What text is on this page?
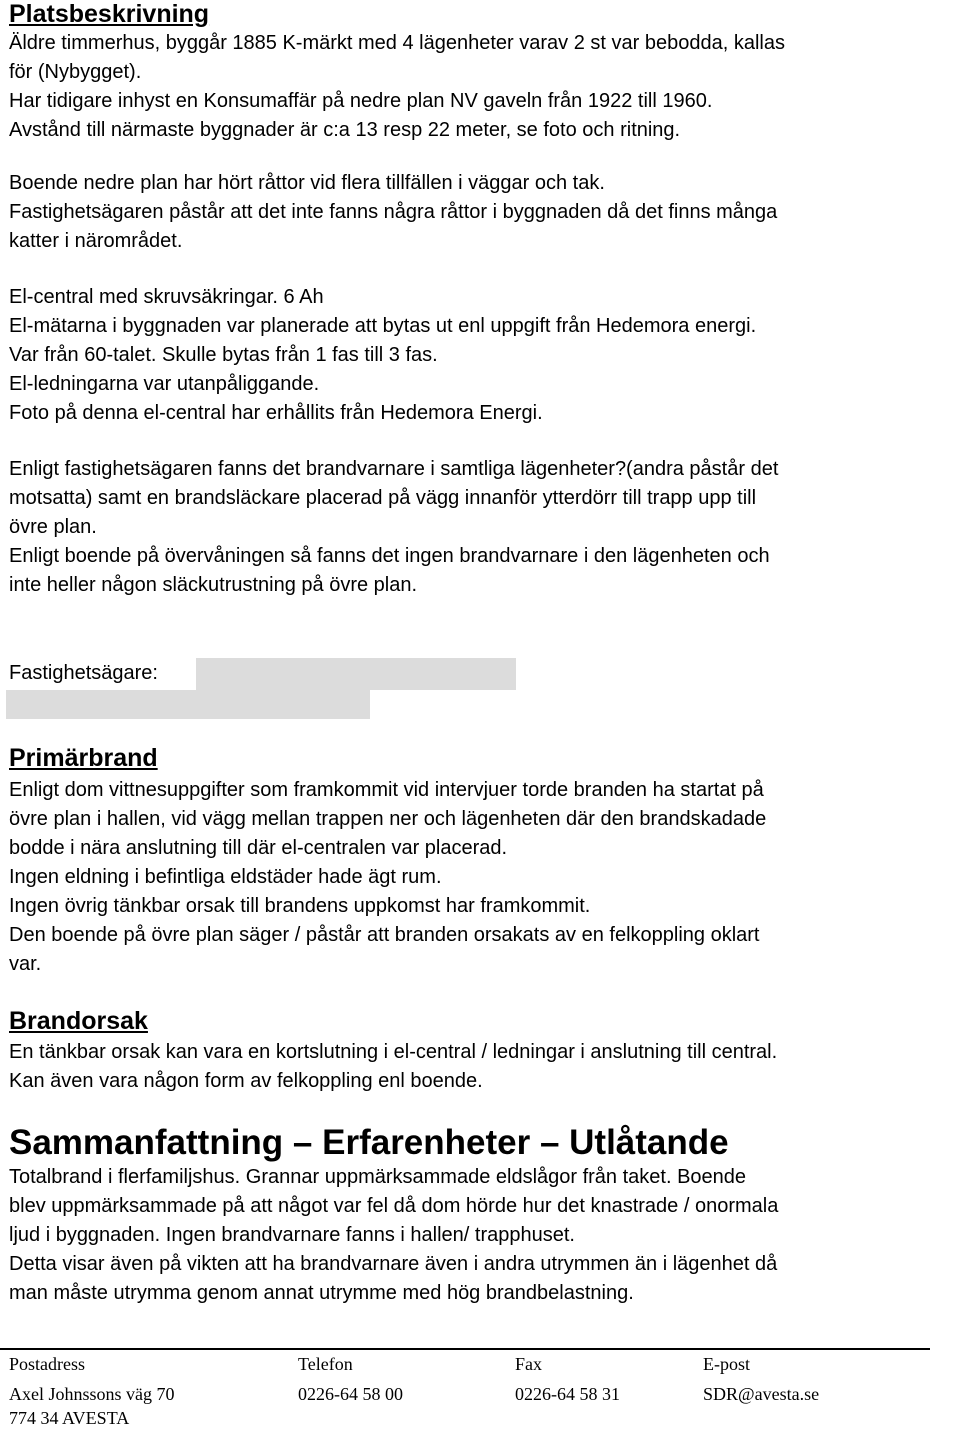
Platsbeskrivning

Äldre timmerhus, byggår 1885 K-märkt med 4 lägenheter varav 2 st var bebodda, kallas

för (Nybygget).

Har tidigare inhyst en Konsumaffär på nedre plan NV gaveln från 1922 till 1960.

Avstånd till närmaste byggnader är c:a 13 resp 22 meter, se foto och ritning.

Boende nedre plan har hört råttor vid flera tillfällen i väggar och tak.

Fastighetsägaren påstår att det inte fanns några råttor i byggnaden då det finns många

katter i närområdet.

El-central med skruvsäkringar. 6 Ah

El-mätarna i byggnaden var planerade att bytas ut enl uppgift från Hedemora energi.

Var från 60-talet. Skulle bytas från 1 fas till 3 fas.

El-ledningarna var utanpåliggande.

Foto på denna el-central har erhållits från Hedemora Energi.

Enligt fastighetsägaren fanns det brandvarnare i samtliga lägenheter?(andra påstår det

motsatta) samt en brandsläckare placerad på vägg innanför ytterdörr till trapp upp till

övre plan.

Enligt boende på övervåningen så fanns det ingen brandvarnare i den lägenheten och

inte heller någon släckutrustning på övre plan.

Fastighetsägare:

Primärbrand

Enligt dom vittnesuppgifter som framkommit vid intervjuer torde branden ha startat på

övre plan i hallen, vid vägg mellan trappen ner och lägenheten där den brandskadade

bodde i nära anslutning till där el-centralen var placerad.

Ingen eldning i befintliga eldstäder hade ägt rum.

Ingen övrig tänkbar orsak till brandens uppkomst har framkommit.

Den boende på övre plan säger / påstår att branden orsakats av en felkoppling oklart

var.

Brandorsak

En tänkbar orsak kan vara en kortslutning i el-central / ledningar i anslutning till central.

Kan även vara någon form av felkoppling enl boende.

Sammanfattning – Erfarenheter – Utlåtande

Totalbrand i flerfamiljshus. Grannar uppmärksammade eldslågor från taket. Boende

blev uppmärksammade på att något var fel då dom hörde hur det knastrade / onormala

ljud i byggnaden. Ingen brandvarnare fanns i hallen/ trapphuset.

Detta visar även på vikten att ha brandvarnare även i andra utrymmen än i lägenhet då

man måste utrymma genom annat utrymme med hög brandbelastning.

Postadress	Telefon	Fax	E-post
Axel Johnssons väg 70	0226-64 58 00	0226-64 58 31	SDR@avesta.se
774 34 AVESTA
